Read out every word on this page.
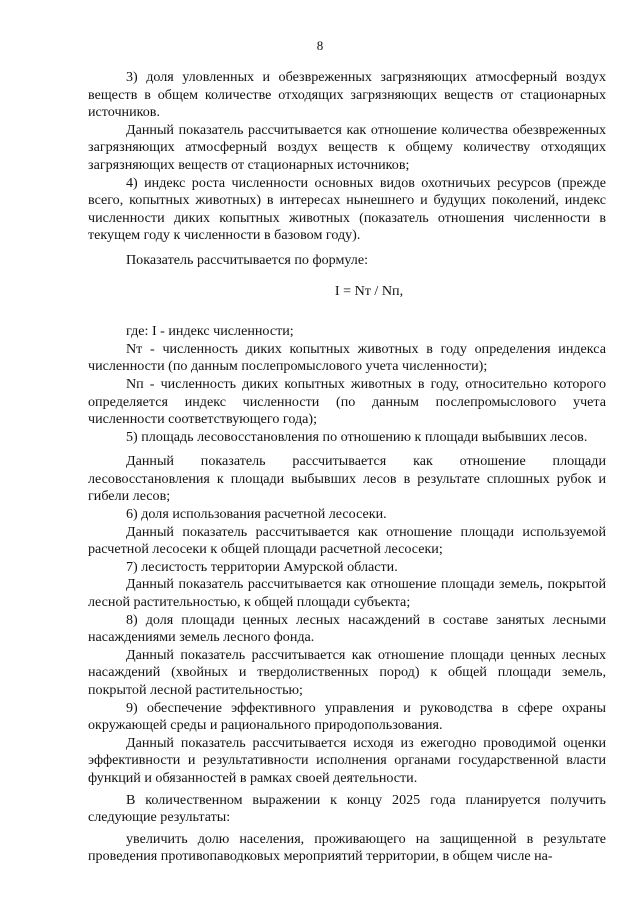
8

3) доля уловленных и обезвреженных загрязняющих атмосферный воздух веществ в общем количестве отходящих загрязняющих веществ от стационарных источников.

Данный показатель рассчитывается как отношение количества обезвреженных загрязняющих атмосферный воздух веществ к общему количеству отходящих загрязняющих веществ от стационарных источников;

4) индекс роста численности основных видов охотничьих ресурсов (прежде всего, копытных животных) в интересах нынешнего и будущих поколений, индекс численности диких копытных животных (показатель отношения численности в текущем году к численности в базовом году).

Показатель рассчитывается по формуле:

I = Nт / Nп,

где: I - индекс численности;

Nт - численность диких копытных животных в году определения индекса численности (по данным послепромыслового учета численности);

Nп - численность диких копытных животных в году, относительно которого определяется индекс численности (по данным послепромыслового учета численности соответствующего года);

5) площадь лесовосстановления по отношению к площади выбывших лесов.

Данный показатель рассчитывается как отношение площади лесовосстановления к площади выбывших лесов в результате сплошных рубок и гибели лесов;

6) доля использования расчетной лесосеки.

Данный показатель рассчитывается как отношение площади используемой расчетной лесосеки к общей площади расчетной лесосеки;

7) лесистость территории Амурской области.

Данный показатель рассчитывается как отношение площади земель, покрытой лесной растительностью, к общей площади субъекта;

8) доля площади ценных лесных насаждений в составе занятых лесными насаждениями земель лесного фонда.

Данный показатель рассчитывается как отношение площади ценных лесных насаждений (хвойных и твердолиственных пород) к общей площади земель, покрытой лесной растительностью;

9) обеспечение эффективного управления и руководства в сфере охраны окружающей среды и рационального природопользования.

Данный показатель рассчитывается исходя из ежегодно проводимой оценки эффективности и результативности исполнения органами государственной власти функций и обязанностей в рамках своей деятельности.

В количественном выражении к концу 2025 года планируется получить следующие результаты:

увеличить долю населения, проживающего на защищенной в результате проведения противопаводковых мероприятий территории, в общем числе на-
